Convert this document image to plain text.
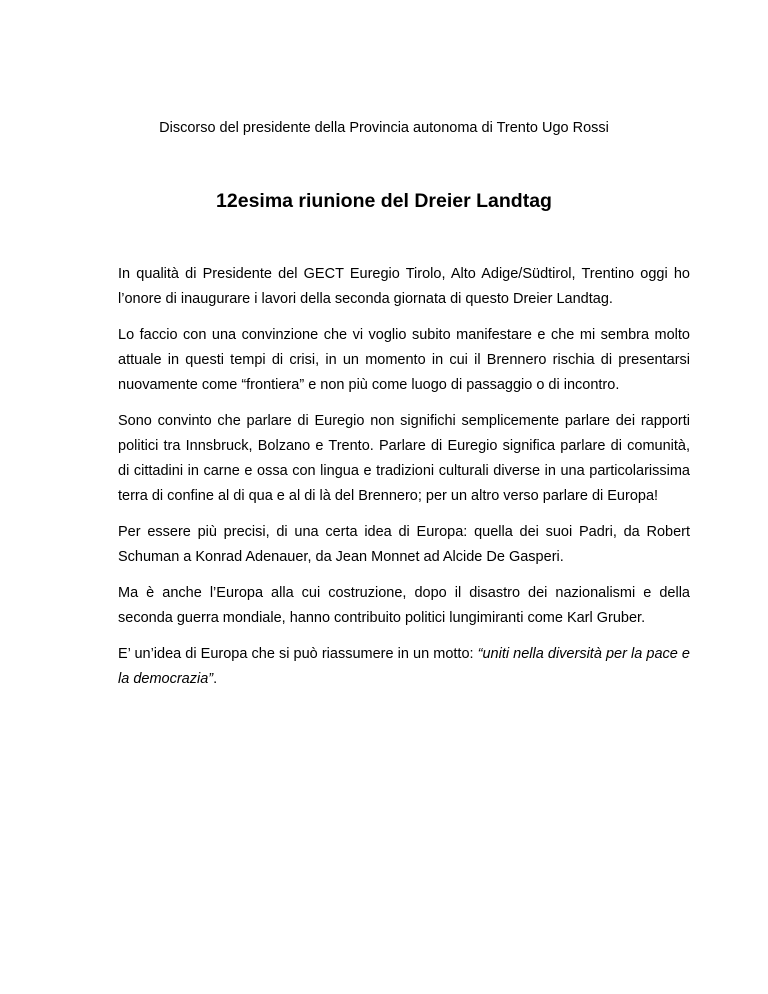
Discorso del presidente della Provincia autonoma di Trento Ugo Rossi
12esima riunione del Dreier Landtag

In qualità di Presidente del GECT Euregio Tirolo, Alto Adige/Südtirol, Trentino oggi ho l’onore di inaugurare i lavori della seconda giornata di questo Dreier Landtag.

Lo faccio con una convinzione che vi voglio subito manifestare e che mi sembra molto attuale in questi tempi di crisi, in un momento in cui il Brennero rischia di presentarsi nuovamente come “frontiera” e non più come luogo di passaggio o di incontro.

Sono convinto che parlare di Euregio non significhi semplicemente parlare dei rapporti politici tra Innsbruck, Bolzano e Trento. Parlare di Euregio significa parlare di comunità, di cittadini in carne e ossa con lingua e tradizioni culturali diverse in una particolarissima terra di confine al di qua e al di là del Brennero; per un altro verso parlare di Europa!

Per essere più precisi, di una certa idea di Europa: quella dei suoi Padri, da Robert Schuman a Konrad Adenauer, da Jean Monnet ad Alcide De Gasperi.

Ma è anche l’Europa alla cui costruzione, dopo il disastro dei nazionalismi e della seconda guerra mondiale, hanno contribuito politici lungimiranti come Karl Gruber.

E’ un’idea di Europa che si può riassumere in un motto: “uniti nella diversità per la pace e la democrazia”.
